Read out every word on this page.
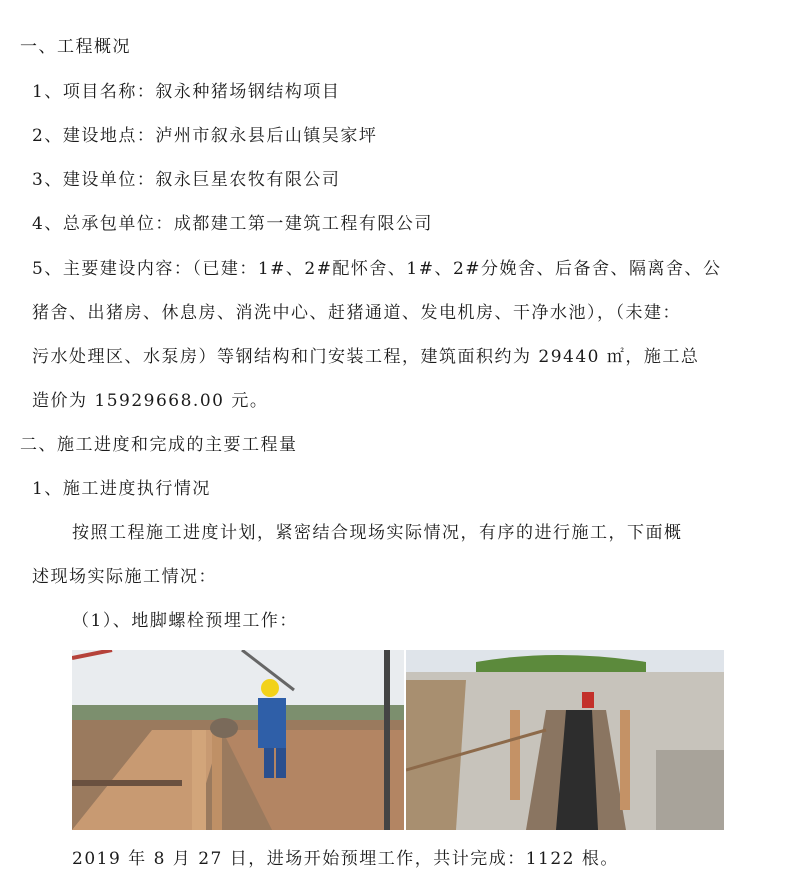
一、工程概况
1、项目名称：叙永种猪场钢结构项目
2、建设地点：泸州市叙永县后山镇吴家坪
3、建设单位：叙永巨星农牧有限公司
4、总承包单位：成都建工第一建筑工程有限公司
5、主要建设内容：（已建：1#、2#配怀舍、1#、2#分娩舍、后备舍、隔离舍、公
猪舍、出猪房、休息房、消洗中心、赶猪通道、发电机房、干净水池），（未建：
污水处理区、水泵房）等钢结构和门安装工程，建筑面积约为 29440 ㎡，施工总
造价为 15929668.00 元。
二、施工进度和完成的主要工程量
1、施工进度执行情况
按照工程施工进度计划，紧密结合现场实际情况，有序的进行施工，下面概
述现场实际施工情况：
（1）、地脚螺栓预埋工作：
2019 年 8 月 27 日，进场开始预埋工作，共计完成：1122 根。
